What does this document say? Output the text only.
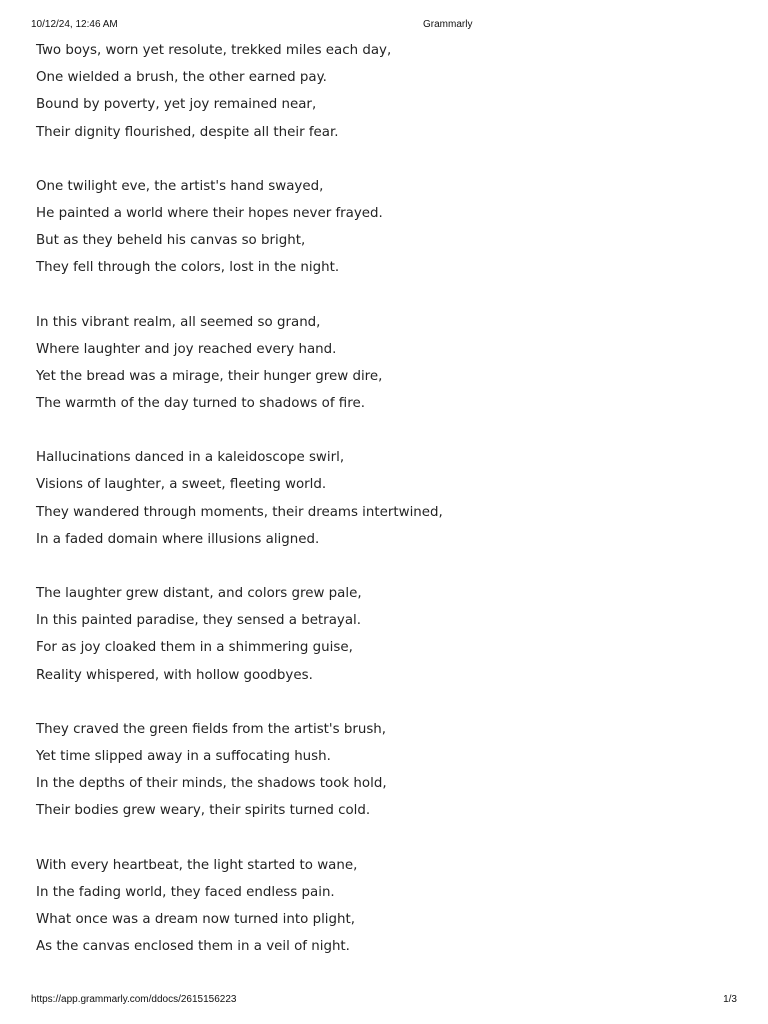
10/12/24, 12:46 AM	Grammarly
Two boys, worn yet resolute, trekked miles each day,
One wielded a brush, the other earned pay.
Bound by poverty, yet joy remained near,
Their dignity flourished, despite all their fear.
One twilight eve, the artist's hand swayed,
He painted a world where their hopes never frayed.
But as they beheld his canvas so bright,
They fell through the colors, lost in the night.
In this vibrant realm, all seemed so grand,
Where laughter and joy reached every hand.
Yet the bread was a mirage, their hunger grew dire,
The warmth of the day turned to shadows of fire.
Hallucinations danced in a kaleidoscope swirl,
Visions of laughter, a sweet, fleeting world.
They wandered through moments, their dreams intertwined,
In a faded domain where illusions aligned.
The laughter grew distant, and colors grew pale,
In this painted paradise, they sensed a betrayal.
For as joy cloaked them in a shimmering guise,
Reality whispered, with hollow goodbyes.
They craved the green fields from the artist's brush,
Yet time slipped away in a suffocating hush.
In the depths of their minds, the shadows took hold,
Their bodies grew weary, their spirits turned cold.
With every heartbeat, the light started to wane,
In the fading world, they faced endless pain.
What once was a dream now turned into plight,
As the canvas enclosed them in a veil of night.
https://app.grammarly.com/ddocs/2615156223	1/3
